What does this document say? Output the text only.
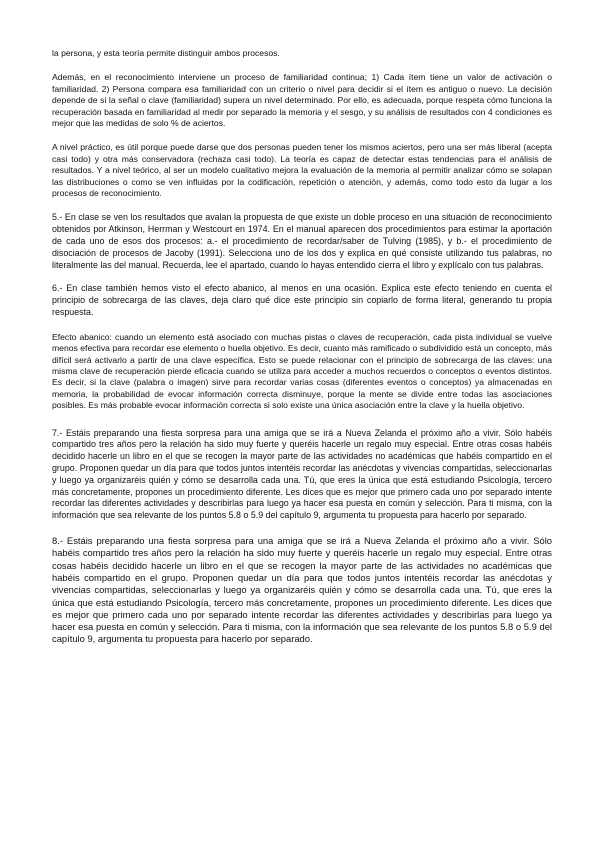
la persona, y esta teoría permite distinguir ambos procesos.

Además, en el reconocimiento interviene un proceso de familiaridad continua; 1) Cada ítem tiene un valor de activación o familiaridad. 2) Persona compara esa familiaridad con un criterio o nivel para decidir si el ítem es antiguo o nuevo. La decisión depende de si la señal o clave (familiaridad) supera un nivel determinado. Por ello, es adecuada, porque respeta cómo funciona la recuperación basada en familiaridad al medir por separado la memoria y el sesgo, y su análisis de resultados con 4 condiciones es mejor que las medidas de solo % de aciertos.

A nivel práctico, es útil porque puede darse que dos personas pueden tener los mismos aciertos, pero una ser más liberal (acepta casi todo) y otra más conservadora (rechaza casi todo). La teoría es capaz de detectar estas tendencias para el análisis de resultados. Y a nivel teórico, al ser un modelo cualitativo mejora la evaluación de la memoria al permitir analizar cómo se solapan las distribuciones o como se ven influidas por la codificación, repetición o atención, y además, como todo esto da lugar a los procesos de reconocimiento.

5.- En clase se ven los resultados que avalan la propuesta de que existe un doble proceso en una situación de reconocimiento obtenidos por Atkinson, Herrman y Westcourt en 1974. En el manual aparecen dos procedimientos para estimar la aportación de cada uno de esos dos procesos: a.- el procedimiento de recordar/saber de Tulving (1985), y b.- el procedimiento de disociación de procesos de Jacoby (1991). Selecciona uno de los dos y explica en qué consiste utilizando tus palabras, no literalmente las del manual. Recuerda, lee el apartado, cuando lo hayas entendido cierra el libro y explícalo con tus palabras.

6.- En clase también hemos visto el efecto abanico, al menos en una ocasión. Explica este efecto teniendo en cuenta el principio de sobrecarga de las claves, deja claro qué dice este principio sin copiarlo de forma literal, generando tu propia respuesta.

Efecto abanico: cuando un elemento está asociado con muchas pistas o claves de recuperación, cada pista individual se vuelve menos efectiva para recordar ese elemento o huella objetivo. Es decir, cuanto más ramificado o subdividido está un concepto, más difícil será activarlo a partir de una clave específica. Esto se puede relacionar con el principio de sobrecarga de las claves: una misma clave de recuperación pierde eficacia cuando se utiliza para acceder a muchos recuerdos o conceptos o eventos distintos. Es decir, si la clave (palabra o imagen) sirve para recordar varias cosas (diferentes eventos o conceptos) ya almacenadas en memoria, la probabilidad de evocar información correcta disminuye, porque la mente se divide entre todas las asociaciones posibles. Es más probable evocar información correcta si solo existe una única asociación entre la clave y la huella objetivo.

7.- Estáis preparando una fiesta sorpresa para una amiga que se irá a Nueva Zelanda el próximo año a vivir. Sólo habéis compartido tres años pero la relación ha sido muy fuerte y queréis hacerle un regalo muy especial. Entre otras cosas habéis decidido hacerle un libro en el que se recogen la mayor parte de las actividades no académicas que habéis compartido en el grupo. Proponen quedar un día para que todos juntos intentéis recordar las anécdotas y vivencias compartidas, seleccionarlas y luego ya organizaréis quién y cómo se desarrolla cada una. Tú, que eres la única que está estudiando Psicología, tercero más concretamente, propones un procedimiento diferente. Les dices que es mejor que primero cada uno por separado intente recordar las diferentes actividades y describirlas para luego ya hacer esa puesta en común y selección. Para ti misma, con la información que sea relevante de los puntos 5.8 o 5.9 del capítulo 9, argumenta tu propuesta para hacerlo por separado.

8.- Estáis preparando una fiesta sorpresa para una amiga que se irá a Nueva Zelanda el próximo año a vivir. Sólo habéis compartido tres años pero la relación ha sido muy fuerte y queréis hacerle un regalo muy especial. Entre otras cosas habéis decidido hacerle un libro en el que se recogen la mayor parte de las actividades no académicas que habéis compartido en el grupo. Proponen quedar un día para que todos juntos intentéis recordar las anécdotas y vivencias compartidas, seleccionarlas y luego ya organizaréis quién y cómo se desarrolla cada una. Tú, que eres la única que está estudiando Psicología, tercero más concretamente, propones un procedimiento diferente. Les dices que es mejor que primero cada uno por separado intente recordar las diferentes actividades y describirlas para luego ya hacer esa puesta en común y selección. Para ti misma, con la información que sea relevante de los puntos 5.8 o 5.9 del capítulo 9, argumenta tu propuesta para hacerlo por separado.
